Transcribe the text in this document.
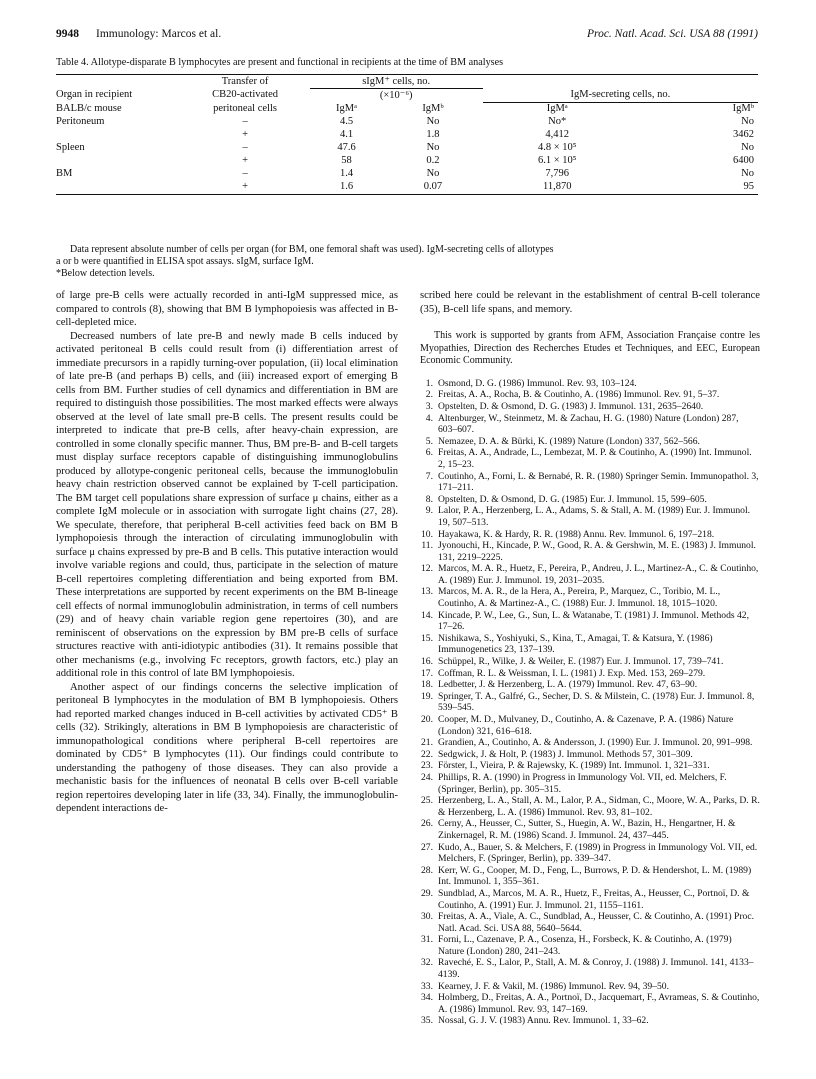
9948 Immunology: Marcos et al.	Proc. Natl. Acad. Sci. USA 88 (1991)
Table 4. Allotype-disparate B lymphocytes are present and functional in recipients at the time of BM analyses
	Transfer of	sIgM⁺ cells, no.			
Organ in recipient	CB20-activated	(×10⁻⁶)		IgM-secreting cells, no.	
BALB/c mouse	peritoneal cells	IgMᵃ	IgMᵇ	IgMᵃ	IgMᵇ
Peritoneum	–	4.5	No	No*	No
	+	4.1	1.8	4,412	3462
Spleen	–	47.6	No	4.8 × 10⁵	No
	+	58	0.2	6.1 × 10⁵	6400
BM	–	1.4	No	7,796	No
	+	1.6	0.07	11,870	95
Data represent absolute number of cells per organ (for BM, one femoral shaft was used). IgM-secreting cells of allotypes
a or b were quantified in ELISA spot assays. sIgM, surface IgM.
*Below detection levels.

of large pre-B cells were actually recorded in anti-IgM suppressed mice, as compared to controls (8), showing that BM B lymphopoiesis was affected in B-cell-depleted mice.

Decreased numbers of late pre-B and newly made B cells induced by activated peritoneal B cells could result from (i) differentiation arrest of immediate precursors in a rapidly turning-over population, (ii) local elimination of late pre-B (and perhaps B) cells, and (iii) increased export of emerging B cells from BM. Further studies of cell dynamics and differentiation in BM are required to distinguish those possibilities. The most marked effects were always observed at the level of late small pre-B cells. The present results could be interpreted to indicate that pre-B cells, after heavy-chain expression, are controlled in some clonally specific manner. Thus, BM pre-B- and B-cell targets must display surface receptors capable of distinguishing immunoglobulins produced by allotype-congenic peritoneal cells, because the immunoglobulin heavy chain restriction observed cannot be explained by T-cell participation. The BM target cell populations share expression of surface μ chains, either as a complete IgM molecule or in association with surrogate light chains (27, 28). We speculate, therefore, that peripheral B-cell activities feed back on BM B lymphopoiesis through the interaction of circulating immunoglobulin with surface μ chains expressed by pre-B and B cells. This putative interaction would involve variable regions and could, thus, participate in the selection of mature B-cell repertoires completing differentiation and being exported from BM. These interpretations are supported by recent experiments on the BM B-lineage cell effects of normal immunoglobulin administration, in terms of cell numbers (29) and of heavy chain variable region gene repertoires (30), and are reminiscent of observations on the expression by BM pre-B cells of surface structures reactive with anti-idiotypic antibodies (31). It remains possible that other mechanisms (e.g., involving Fc receptors, growth factors, etc.) play an additional role in this control of late BM lymphopoiesis.

Another aspect of our findings concerns the selective implication of peritoneal B lymphocytes in the modulation of BM B lymphopoiesis. Others had reported marked changes induced in B-cell activities by activated CD5⁺ B cells (32). Strikingly, alterations in BM B lymphopoiesis are characteristic of immunopathological conditions where peripheral B-cell repertoires are dominated by CD5⁺ B lymphocytes (11). Our findings could contribute to understanding the pathogeny of those diseases. They can also provide a mechanistic basis for the influences of neonatal B cells over B-cell variable region repertoires developing later in life (33, 34). Finally, the immunoglobulin-dependent interactions de-

scribed here could be relevant in the establishment of central B-cell tolerance (35), B-cell life spans, and memory.

This work is supported by grants from AFM, Association Française contre les Myopathies, Direction des Recherches Etudes et Techniques, and EEC, European Economic Community.

1. Osmond, D. G. (1986) Immunol. Rev. 93, 103–124.
2. Freitas, A. A., Rocha, B. & Coutinho, A. (1986) Immunol. Rev. 91, 5–37.
3. Opstelten, D. & Osmond, D. G. (1983) J. Immunol. 131, 2635–2640.
4. Altenburger, W., Steinmetz, M. & Zachau, H. G. (1980) Nature (London) 287, 603–607.
5. Nemazee, D. A. & Bürki, K. (1989) Nature (London) 337, 562–566.
6. Freitas, A. A., Andrade, L., Lembezat, M. P. & Coutinho, A. (1990) Int. Immunol. 2, 15–23.
7. Coutinho, A., Forni, L. & Bernabé, R. R. (1980) Springer Semin. Immunopathol. 3, 171–211.
8. Opstelten, D. & Osmond, D. G. (1985) Eur. J. Immunol. 15, 599–605.
9. Lalor, P. A., Herzenberg, L. A., Adams, S. & Stall, A. M. (1989) Eur. J. Immunol. 19, 507–513.
10. Hayakawa, K. & Hardy, R. R. (1988) Annu. Rev. Immunol. 6, 197–218.
11. Jyonouchi, H., Kincade, P. W., Good, R. A. & Gershwin, M. E. (1983) J. Immunol. 131, 2219–2225.
12. Marcos, M. A. R., Huetz, F., Pereira, P., Andreu, J. L., Martinez-A., C. & Coutinho, A. (1989) Eur. J. Immunol. 19, 2031–2035.
13. Marcos, M. A. R., de la Hera, A., Pereira, P., Marquez, C., Toribio, M. L., Coutinho, A. & Martinez-A., C. (1988) Eur. J. Immunol. 18, 1015–1020.
14. Kincade, P. W., Lee, G., Sun, L. & Watanabe, T. (1981) J. Immunol. Methods 42, 17–26.
15. Nishikawa, S., Yoshiyuki, S., Kina, T., Amagai, T. & Katsura, Y. (1986) Immunogenetics 23, 137–139.
16. Schüppel, R., Wilke, J. & Weiler, E. (1987) Eur. J. Immunol. 17, 739–741.
17. Coffman, R. L. & Weissman, I. L. (1981) J. Exp. Med. 153, 269–279.
18. Ledbetter, J. & Herzenberg, L. A. (1979) Immunol. Rev. 47, 63–90.
19. Springer, T. A., Galfré, G., Secher, D. S. & Milstein, C. (1978) Eur. J. Immunol. 8, 539–545.
20. Cooper, M. D., Mulvaney, D., Coutinho, A. & Cazenave, P. A. (1986) Nature (London) 321, 616–618.
21. Grandien, A., Coutinho, A. & Andersson, J. (1990) Eur. J. Immunol. 20, 991–998.
22. Sedgwick, J. & Holt, P. (1983) J. Immunol. Methods 57, 301–309.
23. Förster, I., Vieira, P. & Rajewsky, K. (1989) Int. Immunol. 1, 321–331.
24. Phillips, R. A. (1990) in Progress in Immunology Vol. VII, ed. Melchers, F. (Springer, Berlin), pp. 305–315.
25. Herzenberg, L. A., Stall, A. M., Lalor, P. A., Sidman, C., Moore, W. A., Parks, D. R. & Herzenberg, L. A. (1986) Immunol. Rev. 93, 81–102.
26. Cerny, A., Heusser, C., Sutter, S., Huegin, A. W., Bazin, H., Hengartner, H. & Zinkernagel, R. M. (1986) Scand. J. Immunol. 24, 437–445.
27. Kudo, A., Bauer, S. & Melchers, F. (1989) in Progress in Immunology Vol. VII, ed. Melchers, F. (Springer, Berlin), pp. 339–347.
28. Kerr, W. G., Cooper, M. D., Feng, L., Burrows, P. D. & Hendershot, L. M. (1989) Int. Immunol. 1, 355–361.
29. Sundblad, A., Marcos, M. A. R., Huetz, F., Freitas, A., Heusser, C., Portnoï, D. & Coutinho, A. (1991) Eur. J. Immunol. 21, 1155–1161.
30. Freitas, A. A., Viale, A. C., Sundblad, A., Heusser, C. & Coutinho, A. (1991) Proc. Natl. Acad. Sci. USA 88, 5640–5644.
31. Forni, L., Cazenave, P. A., Cosenza, H., Forsbeck, K. & Coutinho, A. (1979) Nature (London) 280, 241–243.
32. Raveché, E. S., Lalor, P., Stall, A. M. & Conroy, J. (1988) J. Immunol. 141, 4133–4139.
33. Kearney, J. F. & Vakil, M. (1986) Immunol. Rev. 94, 39–50.
34. Holmberg, D., Freitas, A. A., Portnoï, D., Jacquemart, F., Avrameas, S. & Coutinho, A. (1986) Immunol. Rev. 93, 147–169.
35. Nossal, G. J. V. (1983) Annu. Rev. Immunol. 1, 33–62.
